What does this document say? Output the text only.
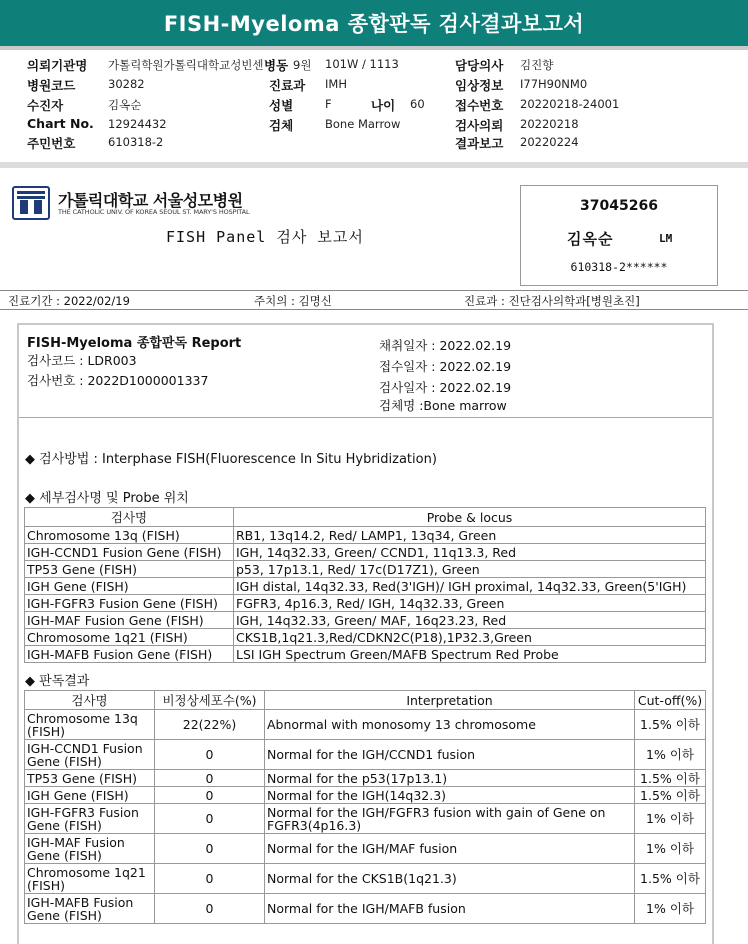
FISH-Myeloma 종합판독 검사결과보고서
의뢰기관명 가톨릭학원가톨릭대학교성빈센 병동 9원 101W / 1113	담당의사 김진향
병원코드	30282	진료과 IMH	임상정보 I77H90NM0
수진자	김옥순	성별	F	나이 60 접수번호 20220218-24001
Chart No. 12924432	검체	Bone Marrow	검사의뢰 20220218
주민번호	610318-2	결과보고 20220224
가톨릭대학교 서울성모병원
THE CATHOLIC UNIV. OF KOREA SEOUL ST. MARY'S HOSPITAL
FISH Panel 검사 보고서
37045266
김옥순	LM
610318-2******
진료기간 : 2022/02/19	주치의 : 김명신	진료과 : 진단검사의학과[병원초진]
FISH-Myeloma 종합판독 Report
검사코드 : LDR003
검사번호 : 2022D1000001337
채취일자 : 2022.02.19
접수일자 : 2022.02.19
검사일자 : 2022.02.19
검체명 :Bone marrow
◆ 검사방법 : Interphase FISH(Fluorescence In Situ Hybridization)
◆ 세부검사명 및 Probe 위치
검사명	Probe & locus
Chromosome 13q (FISH)	RB1, 13q14.2, Red/ LAMP1, 13q34, Green
IGH-CCND1 Fusion Gene (FISH)	IGH, 14q32.33, Green/ CCND1, 11q13.3, Red
TP53 Gene (FISH)	p53, 17p13.1, Red/ 17c(D17Z1), Green
IGH Gene (FISH)	IGH distal, 14q32.33, Red(3'IGH)/ IGH proximal, 14q32.33, Green(5'IGH)
IGH-FGFR3 Fusion Gene (FISH)	FGFR3, 4p16.3, Red/ IGH, 14q32.33, Green
IGH-MAF Fusion Gene (FISH)	IGH, 14q32.33, Green/ MAF, 16q23.23, Red
Chromosome 1q21 (FISH)	CKS1B,1q21.3,Red/CDKN2C(P18),1P32.3,Green
IGH-MAFB Fusion Gene (FISH)	LSI IGH Spectrum Green/MAFB Spectrum Red Probe
◆ 판독결과
검사명	비정상세포수(%)	Interpretation	Cut-off(%)
Chromosome 13q (FISH)	22(22%)	Abnormal with monosomy 13 chromosome	1.5% 이하
IGH-CCND1 Fusion Gene (FISH)	0	Normal for the IGH/CCND1 fusion	1% 이하
TP53 Gene (FISH)	0	Normal for the p53(17p13.1)	1.5% 이하
IGH Gene (FISH)	0	Normal for the IGH(14q32.3)	1.5% 이하
IGH-FGFR3 Fusion Gene (FISH)	0	Normal for the IGH/FGFR3 fusion with gain of Gene on FGFR3(4p16.3)	1% 이하
IGH-MAF Fusion Gene (FISH)	0	Normal for the IGH/MAF fusion	1% 이하
Chromosome 1q21 (FISH)	0	Normal for the CKS1B(1q21.3)	1.5% 이하
IGH-MAFB Fusion Gene (FISH)	0	Normal for the IGH/MAFB fusion	1% 이하
